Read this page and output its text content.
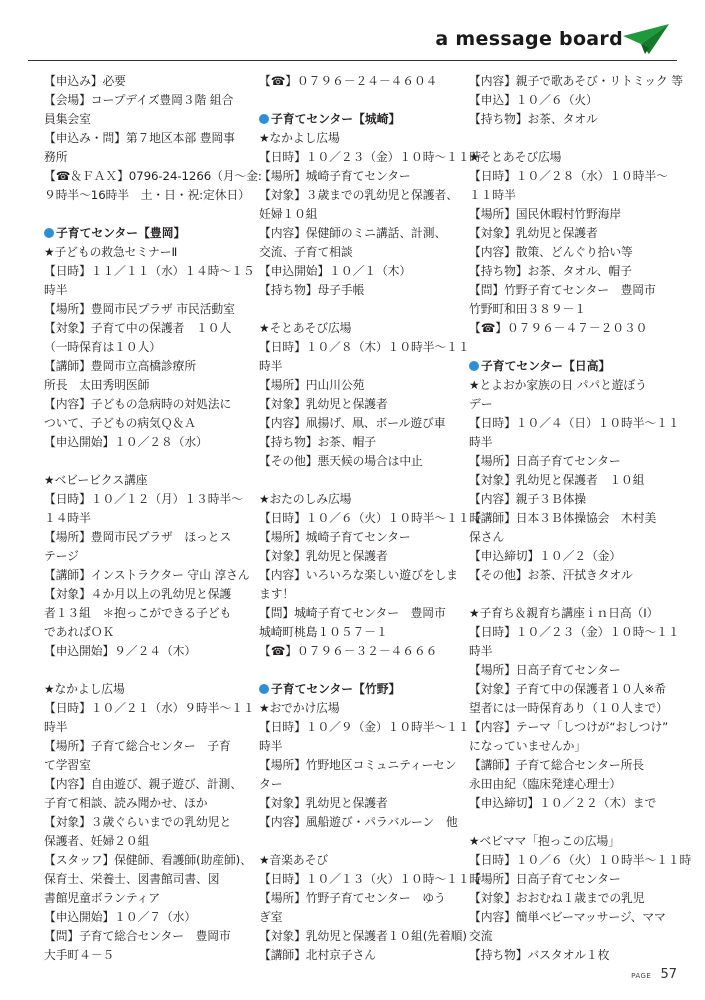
a message board
【申込み】必要
【会場】コープデイズ豊岡３階 組合
員集会室
【申込み・問】第７地区本部 豊岡事
務所
【☎＆ＦＡＸ】0796-24-1266（月〜金:
９時半〜16時半　土・日・祝:定休日）
子育てセンター【豊岡】
★子どもの救急セミナーⅡ
【日時】１１／１１（水）１４時〜１５
時半
【場所】豊岡市民プラザ 市民活動室
【対象】子育て中の保護者　１０人
（一時保育は１０人）
【講師】豊岡市立高橋診療所
所長　太田秀明医師
【内容】子どもの急病時の対処法に
ついて、子どもの病気Ｑ＆Ａ
【申込開始】１０／２８（水）
★ベビービクス講座
【日時】１０／１２（月）１３時半〜
１４時半
【場所】豊岡市民プラザ　ほっとス
テージ
【講師】インストラクター 守山 淳さん
【対象】４か月以上の乳幼児と保護
者１３組　＊抱っこができる子ども
であればＯＫ
【申込開始】９／２４（木）
★なかよし広場
【日時】１０／２１（水）９時半〜１１
時半
【場所】子育て総合センター　子育
て学習室
【内容】自由遊び、親子遊び、計測、
子育て相談、読み聞かせ、ほか
【対象】３歳ぐらいまでの乳幼児と
保護者、妊婦２０組
【スタッフ】保健師、看護師(助産師)、
保育士、栄養士、図書館司書、図
書館児童ボランティア
【申込開始】１０／７（水）
【問】子育て総合センター　豊岡市
大手町４－５
【☎】０７９６－２４－４６０４
子育てセンター【城崎】
★なかよし広場
【日時】１０／２３（金）１０時〜１１時
【場所】城崎子育てセンター
【対象】３歳までの乳幼児と保護者、
妊婦１０組
【内容】保健師のミニ講話、計測、
交流、子育て相談
【申込開始】１０／１（木）
【持ち物】母子手帳
★そとあそび広場
【日時】１０／８（木）１０時半〜１１
時半
【場所】円山川公苑
【対象】乳幼児と保護者
【内容】凧揚げ、凧、ボール遊び車
【持ち物】お茶、帽子
【その他】悪天候の場合は中止
★おたのしみ広場
【日時】１０／６（火）１０時半〜１１時
【場所】城崎子育てセンター
【対象】乳幼児と保護者
【内容】いろいろな楽しい遊びをしま
ます！
【問】城崎子育てセンター　豊岡市
城崎町桃島１０５７－１
【☎】０７９６－３２－４６６６
子育てセンター【竹野】
★おでかけ広場
【日時】１０／９（金）１０時半〜１１
時半
【場所】竹野地区コミュニティーセン
ター
【対象】乳幼児と保護者
【内容】風船遊び・パラバルーン　他
★音楽あそび
【日時】１０／１３（火）１０時〜１１時
【場所】竹野子育てセンター　ゆう
ぎ室
【対象】乳幼児と保護者１０組(先着順)
【講師】北村京子さん
【内容】親子で歌あそび・リトミック 等
【申込】１０／６（火）
【持ち物】お茶、タオル
★そとあそび広場
【日時】１０／２８（水）１０時半〜
１１時半
【場所】国民休暇村竹野海岸
【対象】乳幼児と保護者
【内容】散策、どんぐり拾い等
【持ち物】お茶、タオル、帽子
【問】竹野子育てセンター　豊岡市
竹野町和田３８９－１
【☎】０７９６－４７－２０３０
子育てセンター【日高】
★とよおか家族の日 パパと遊ぼう
デー
【日時】１０／４（日）１０時半〜１１
時半
【場所】日高子育てセンター
【対象】乳幼児と保護者　１０組
【内容】親子３Ｂ体操
【講師】日本３Ｂ体操協会　木村美
保さん
【申込締切】１０／２（金）
【その他】お茶、汗拭きタオル
★子育ち＆親育ち講座ｉｎ日高（Ⅰ）
【日時】１０／２３（金）１０時〜１１
時半
【場所】日高子育てセンター
【対象】子育て中の保護者１０人※希
望者には一時保育あり（１０人まで）
【内容】テーマ「しつけが“おしつけ”
になっていませんか」
【講師】子育て総合センター所長
永田由紀（臨床発達心理士）
【申込締切】１０／２２（木）まで
★ベビママ「抱っこの広場」
【日時】１０／６（火）１０時半〜１１時
【場所】日高子育てセンター
【対象】おおむね１歳までの乳児
【内容】簡単ベビーマッサージ、ママ
交流
【持ち物】バスタオル１枚
PAGE 57
